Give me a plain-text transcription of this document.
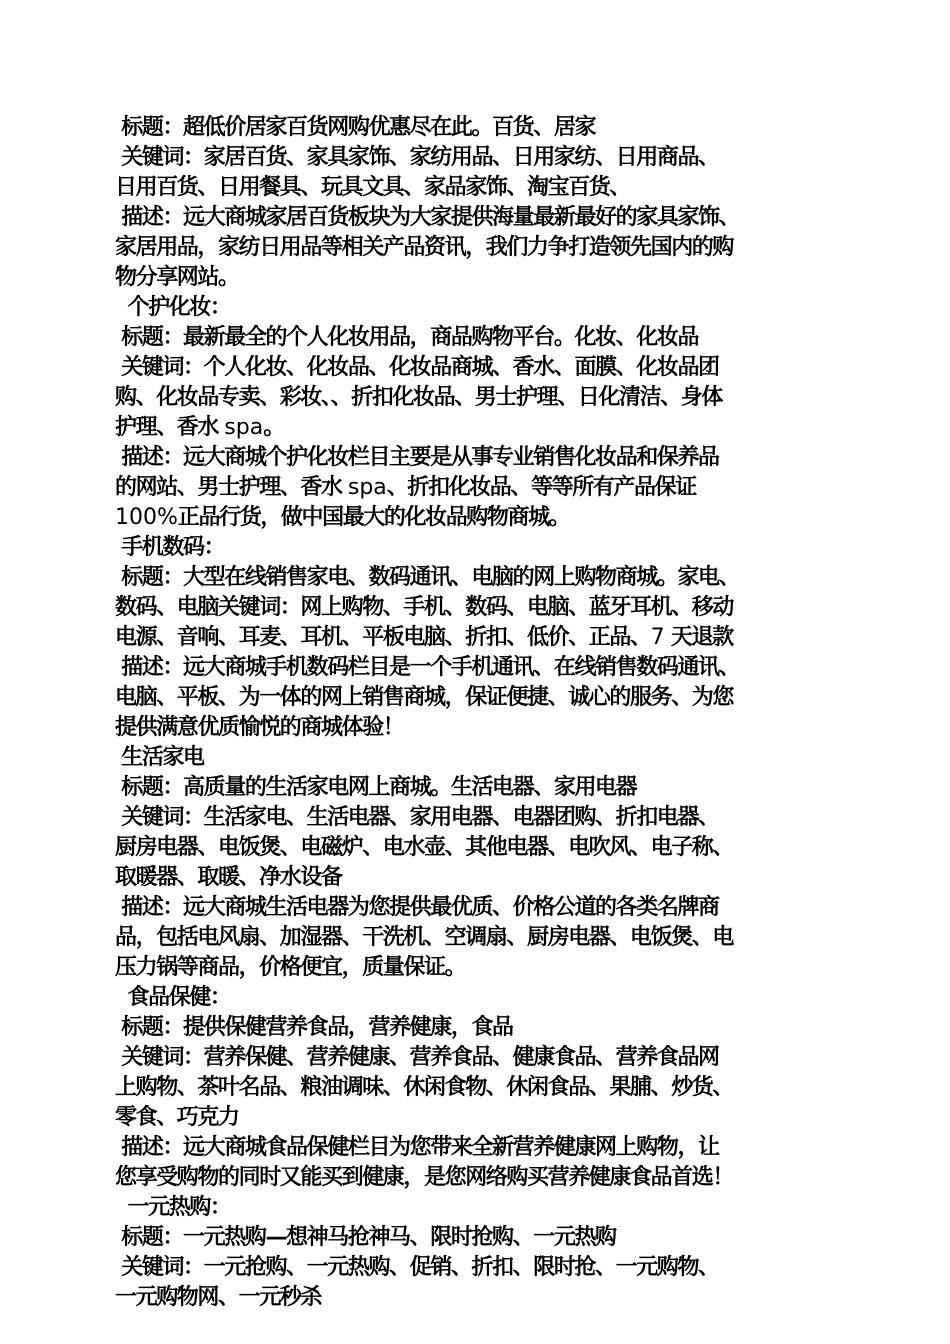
标题：超低价居家百货网购优惠尽在此。百货、居家
关键词：家居百货、家具家饰、家纺用品、日用家纺、日用商品、
日用百货、日用餐具、玩具文具、家品家饰、淘宝百货、
描述：远大商城家居百货板块为大家提供海量最新最好的家具家饰、
家居用品，家纺日用品等相关产品资讯，我们力争打造领先国内的购
物分享网站。
个护化妆：
标题：最新最全的个人化妆用品，商品购物平台。化妆、化妆品
关键词：个人化妆、化妆品、化妆品商城、香水、面膜、化妆品团
购、化妆品专卖、彩妆、、折扣化妆品、男士护理、日化清洁、身体
护理、香水 spa。
描述：远大商城个护化妆栏目主要是从事专业销售化妆品和保养品
的网站、男士护理、香水 spa、折扣化妆品、等等所有产品保证
100%正品行货，做中国最大的化妆品购物商城。
手机数码：
标题：大型在线销售家电、数码通讯、电脑的网上购物商城。家电、
数码、电脑关键词：网上购物、手机、数码、电脑、蓝牙耳机、移动
电源、音响、耳麦、耳机、平板电脑、折扣、低价、正品、7 天退款
描述：远大商城手机数码栏目是一个手机通讯、在线销售数码通讯、
电脑、平板、为一体的网上销售商城，保证便捷、诚心的服务、为您
提供满意优质愉悦的商城体验！
生活家电
标题：高质量的生活家电网上商城。生活电器、家用电器
关键词：生活家电、生活电器、家用电器、电器团购、折扣电器、
厨房电器、电饭煲、电磁炉、电水壶、其他电器、电吹风、电子称、
取暖器、取暖、净水设备
描述：远大商城生活电器为您提供最优质、价格公道的各类名牌商
品，包括电风扇、加湿器、干洗机、空调扇、厨房电器、电饭煲、电
压力锅等商品，价格便宜，质量保证。
食品保健：
标题：提供保健营养食品，营养健康，食品
关键词：营养保健、营养健康、营养食品、健康食品、营养食品网
上购物、茶叶名品、粮油调味、休闲食物、休闲食品、果脯、炒货、
零食、巧克力
描述：远大商城食品保健栏目为您带来全新营养健康网上购物，让
您享受购物的同时又能买到健康，是您网络购买营养健康食品首选！
一元热购：
标题：一元热购—想神马抢神马、限时抢购、一元热购
关键词：一元抢购、一元热购、促销、折扣、限时抢、一元购物、
一元购物网、一元秒杀
